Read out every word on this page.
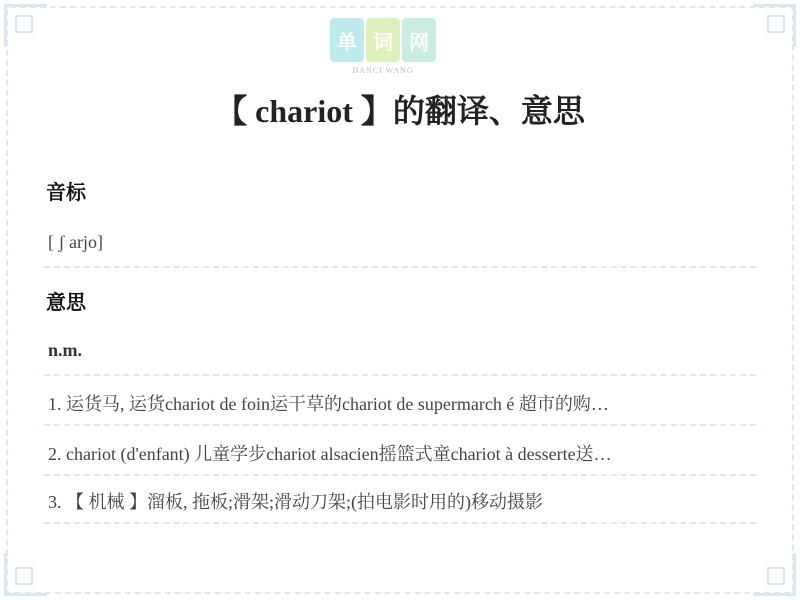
单 词 网
DANCI WANG
【 chariot 】的翻译、意思
音标
[ ʃ arjo]
意思
n.m.
1. 运货马, 运货chariot de foin运干草的chariot de supermarch é 超市的购…
2. chariot (d'enfant) 儿童学步chariot alsacien摇篮式童chariot à desserte送…
3. 【 机械 】溜板, 拖板;滑架;滑动刀架;(拍电影时用的)移动摄影
